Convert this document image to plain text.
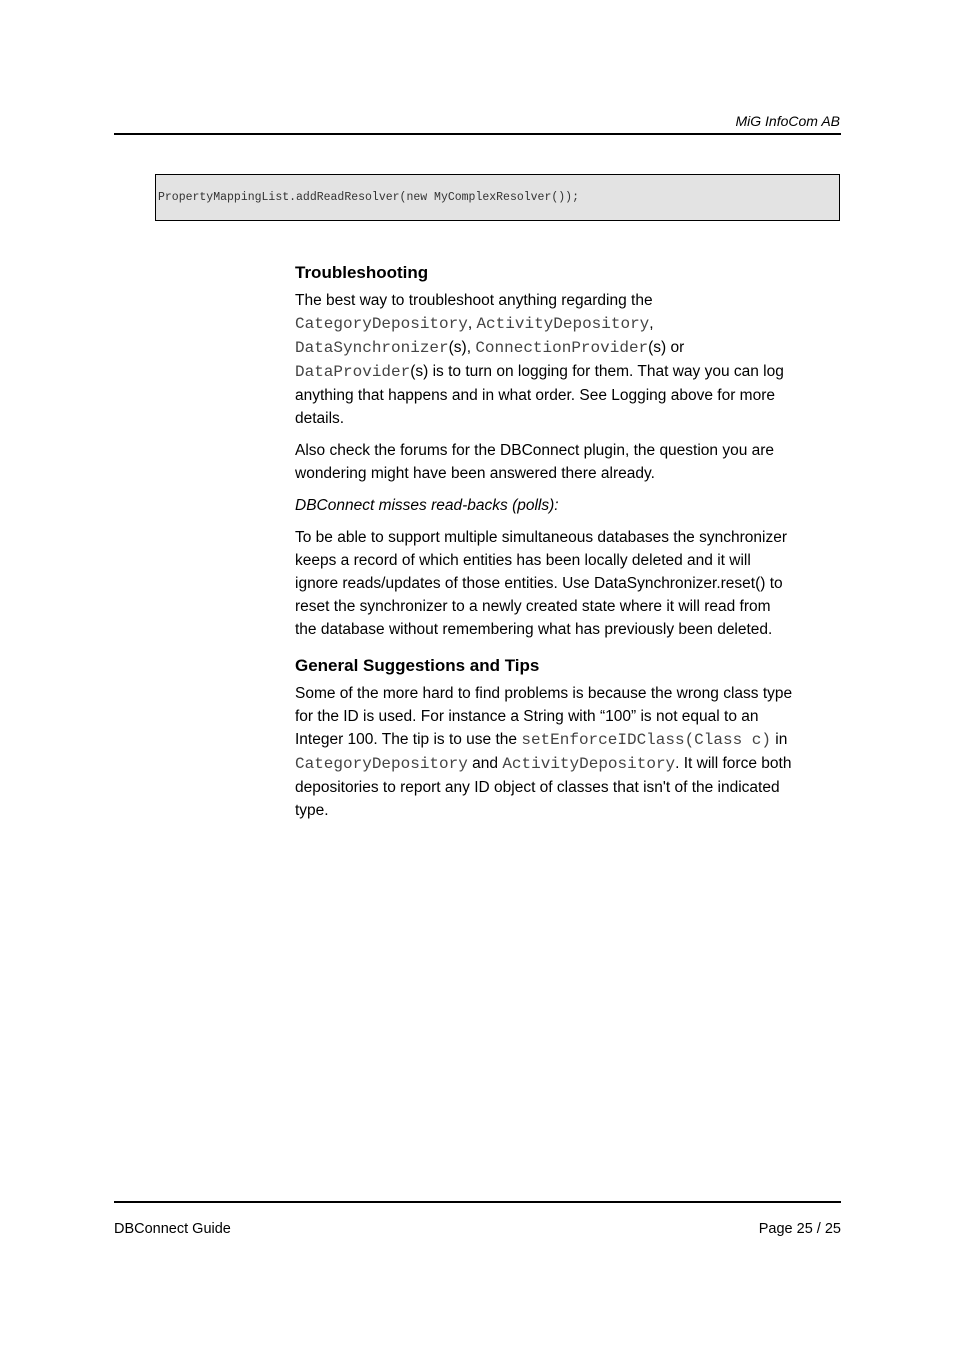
MiG InfoCom AB
PropertyMappingList.addReadResolver(new MyComplexResolver());
Troubleshooting

The best way to troubleshoot anything regarding the CategoryDepository, ActivityDepository, DataSynchronizer(s), ConnectionProvider(s) or DataProvider(s) is to turn on logging for them. That way you can log anything that happens and in what order. See Logging above for more details.

Also check the forums for the DBConnect plugin, the question you are wondering might have been answered there already.

DBConnect misses read-backs (polls):

To be able to support multiple simultaneous databases the synchronizer keeps a record of which entities has been locally deleted and it will ignore reads/updates of those entities. Use DataSynchronizer.reset() to reset the synchronizer to a newly created state where it will read from the database without remembering what has previously been deleted.

General Suggestions and Tips

Some of the more hard to find problems is because the wrong class type for the ID is used. For instance a String with “100” is not equal to an Integer 100. The tip is to use the setEnforceIDClass(Class c) in CategoryDepository and ActivityDepository. It will force both depositories to report any ID object of classes that isn't of the indicated type.

DBConnect Guide	Page 25 / 25
